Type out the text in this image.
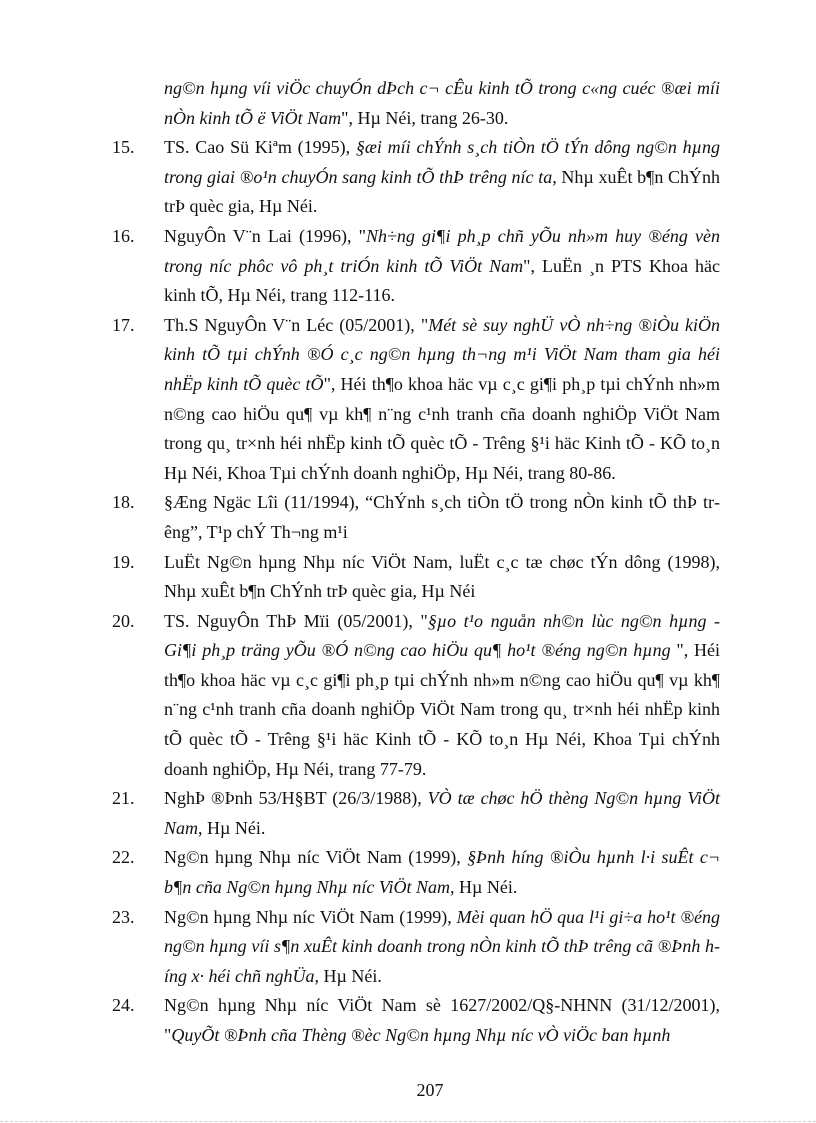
ng©n hµng víi viÖc chuyÓn dÞch c¬ cÊu kinh tÕ trong c«ng cuéc ®æi míi nÒn kinh tÕ ë ViÖt Nam", Hµ Néi, trang 26-30.
15. TS. Cao Sü Kiªm (1995), §æi míi chÝnh s¸ch tiÒn tÖ tÝn dông ng©n hµng trong giai ®o¹n chuyÓn sang kinh tÕ thÞ trêng níc ta, Nhµ xuÊt b¶n ChÝnh trÞ quèc gia, Hµ Néi.
16. NguyÔn V¨n Lai (1996), "Nh÷ng gi¶i ph¸p chñ yÕu nh»m huy ®éng vèn trong níc phôc vô ph¸t triÓn kinh tÕ ViÖt Nam", LuËn ¸n PTS Khoa häc kinh tÕ, Hµ Néi, trang 112-116.
17. Th.S NguyÔn V¨n Léc (05/2001), "Mét sè suy nghÜ vÒ nh÷ng ®iÒu kiÖn kinh tÕ tµi chÝnh ®Ó c¸c ng©n hµng th¬ng m¹i ViÖt Nam tham gia héi nhËp kinh tÕ quèc tÕ", Héi th¶o khoa häc vµ c¸c gi¶i ph¸p tµi chÝnh nh»m n©ng cao hiÖu qu¶ vµ kh¶ n¨ng c¹nh tranh cña doanh nghiÖp ViÖt Nam trong qu¸ tr×nh héi nhËp kinh tÕ quèc tÕ - Trêng §¹i häc Kinh tÕ - KÕ to¸n Hµ Néi, Khoa Tµi chÝnh doanh nghiÖp, Hµ Néi, trang 80-86.
18. §Æng Ngäc Lîi (11/1994), “ChÝnh s¸ch tiÒn tÖ trong nÒn kinh tÕ thÞ trêng”, T¹p chÝ Th¬ng m¹i
19. LuËt Ng©n hµng Nhµ níc ViÖt Nam, luËt c¸c tæ chøc tÝn dông (1998), Nhµ xuÊt b¶n ChÝnh trÞ quèc gia, Hµ Néi
20. TS. NguyÔn ThÞ Mïi (05/2001), "§µo t¹o nguån nh©n lùc ng©n hµng - Gi¶i ph¸p träng yÕu ®Ó n©ng cao hiÖu qu¶ ho¹t ®éng ng©n hµng ", Héi th¶o khoa häc vµ c¸c gi¶i ph¸p tµi chÝnh nh»m n©ng cao hiÖu qu¶ vµ kh¶ n¨ng c¹nh tranh cña doanh nghiÖp ViÖt Nam trong qu¸ tr×nh héi nhËp kinh tÕ quèc tÕ - Trêng §¹i häc Kinh tÕ - KÕ to¸n Hµ Néi, Khoa Tµi chÝnh doanh nghiÖp, Hµ Néi, trang 77-79.
21. NghÞ ®Þnh 53/H§BT (26/3/1988), VÒ tæ chøc hÖ thèng Ng©n hµng ViÖt Nam, Hµ Néi.
22. Ng©n hµng Nhµ níc ViÖt Nam (1999), §Þnh híng ®iÒu hµnh l·i suÊt c¬ b¶n cña Ng©n hµng Nhµ níc ViÖt Nam, Hµ Néi.
23. Ng©n hµng Nhµ níc ViÖt Nam (1999), Mèi quan hÖ qua l¹i gi÷a ho¹t ®éng ng©n hµng víi s¶n xuÊt kinh doanh trong nÒn kinh tÕ thÞ trêng cã ®Þnh híng x· héi chñ nghÜa, Hµ Néi.
24. Ng©n hµng Nhµ níc ViÖt Nam sè 1627/2002/Q§-NHNN (31/12/2001), "QuyÕt ®Þnh cña Thèng ®èc Ng©n hµng Nhµ níc vÒ viÖc ban hµnh
207
